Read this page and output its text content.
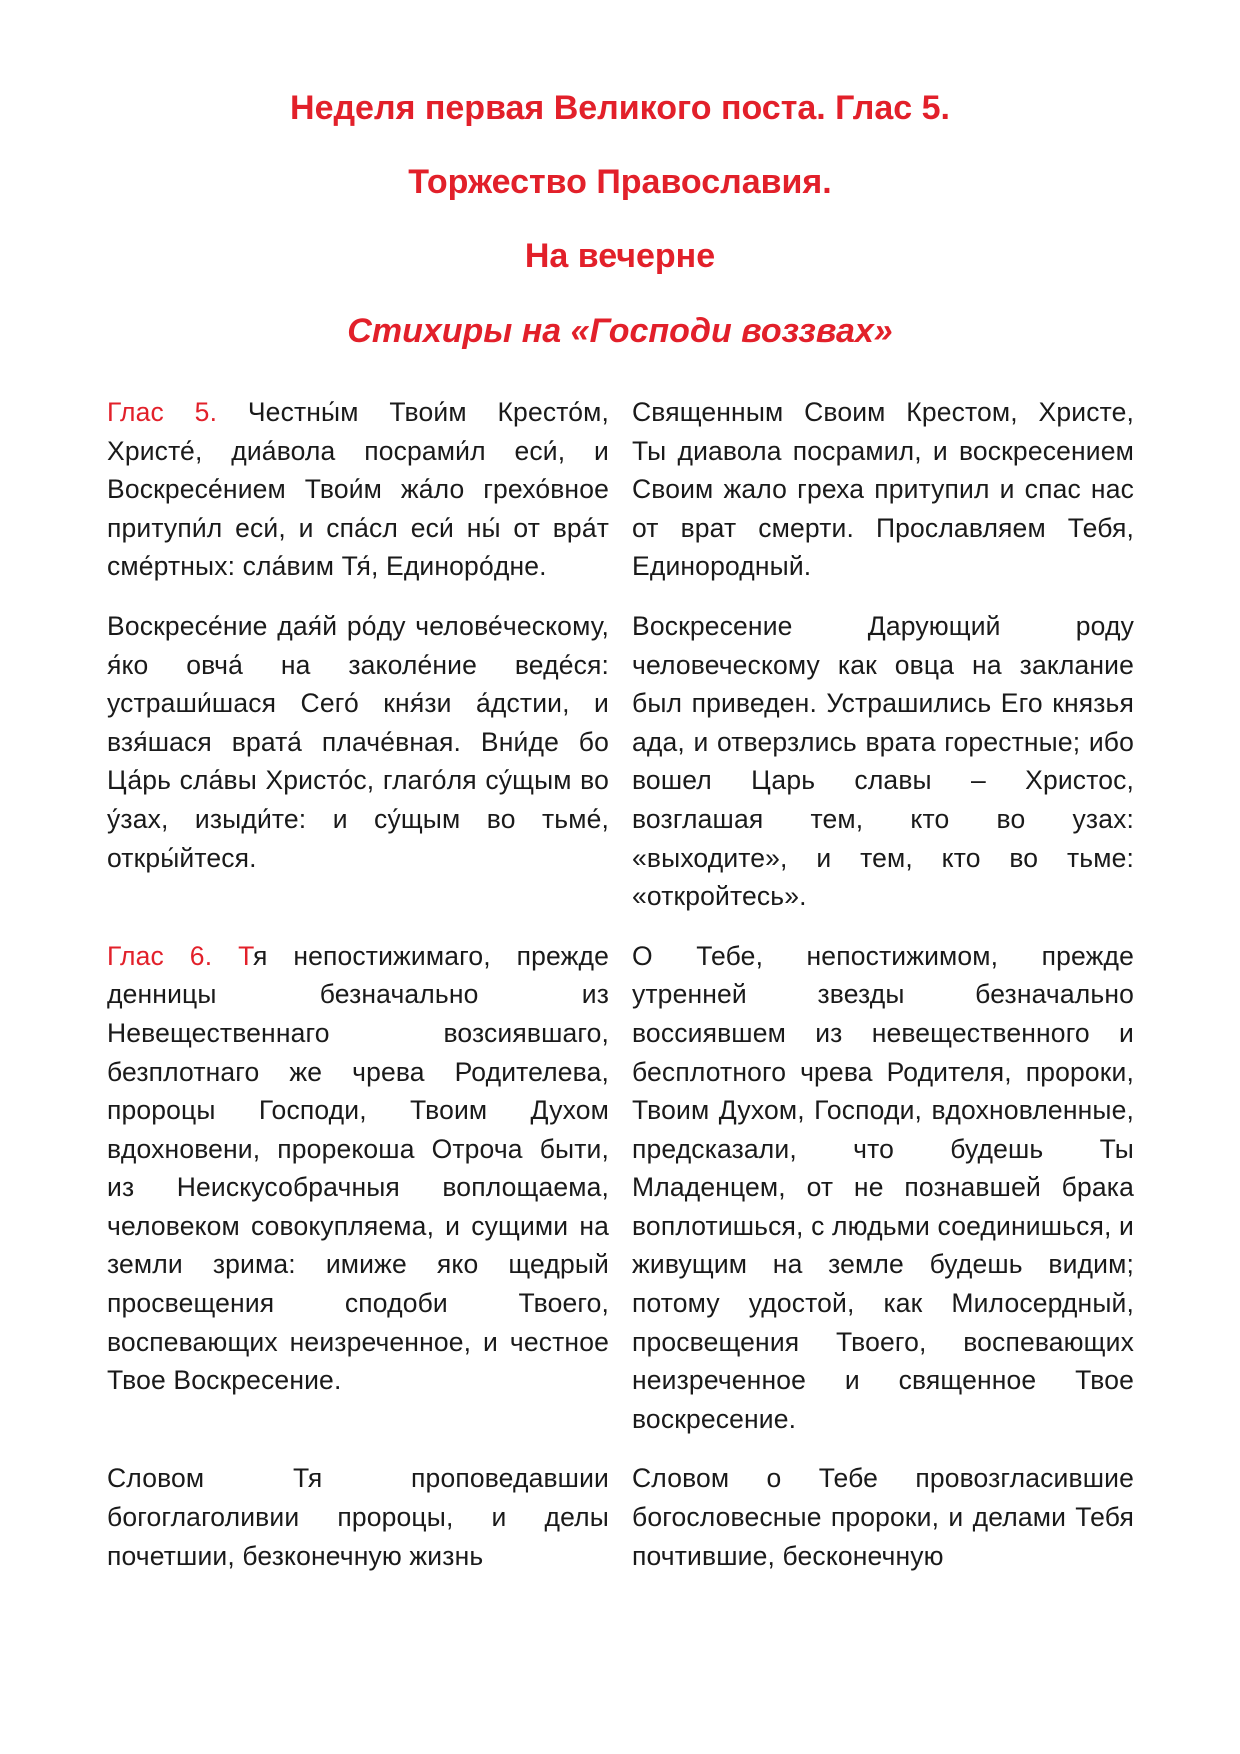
Неделя первая Великого поста. Глас 5.
Торжество Православия.
На вечерне
Стихиры на «Господи воззвах»
Глас 5. Честны́м Твои́м Кресто́м, Христе́, диа́вола посрами́л еси́, и Воскресе́нием Твои́м жа́ло грехо́вное притупи́л еси́, и спа́сл еси́ ны́ от вра́т сме́ртных: сла́вим Тя́, Единоро́дне.
Священным Своим Крестом, Христе, Ты диавола посрамил, и воскресением Своим жало греха притупил и спас нас от врат смерти. Прославляем Тебя, Единородный.
Воскресе́ние дая́й ро́ду челове́ческому, я́ко овча́ на заколе́ние веде́ся: устраши́шася Сего́ кня́зи а́дстии, и взя́шася врата́ плаче́вная. Вни́де бо Ца́рь сла́вы Христо́с, глаго́ля су́щым во у́зах, изыди́те: и су́щым во тьме́, откры́йтеся.
Воскресение Дарующий роду человеческому как овца на заклание был приведен. Устрашились Его князья ада, и отверзлись врата горестные; ибо вошел Царь славы – Христос, возглашая тем, кто во узах: «выходите», и тем, кто во тьме: «откройтесь».
Глас 6. Тя непостижимаго, прежде денницы безначально из Невещественнаго возсиявшаго, безплотнаго же чрева Родителева, пророцы Господи, Твоим Духом вдохновени, прорекоша Отроча быти, из Неискусобрачныя воплощаема, человеком совокупляема, и сущими на земли зрима: имиже яко щедрый просвещения сподоби Твоего, воспевающих неизреченное, и честное Твое Воскресение.
О Тебе, непостижимом, прежде утренней звезды безначально воссиявшем из невещественного и бесплотного чрева Родителя, пророки, Твоим Духом, Господи, вдохновленные, предсказали, что будешь Ты Младенцем, от не познавшей брака воплотишься, с людьми соединишься, и живущим на земле будешь видим; потому удостой, как Милосердный, просвещения Твоего, воспевающих неизреченное и священное Твое воскресение.
Словом Тя проповедавшии богоглаголивии пророцы, и делы почетшии, безконечную жизнь
Словом о Тебе провозгласившие богословесные пророки, и делами Тебя почтившие, бесконечную
